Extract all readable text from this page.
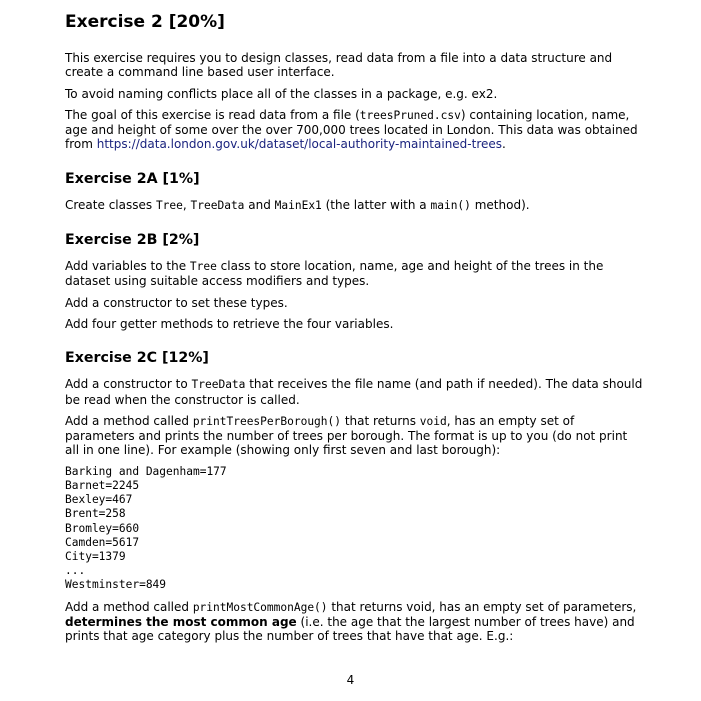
Exercise 2 [20%]

This exercise requires you to design classes, read data from a file into a data structure and create a command line based user interface.

To avoid naming conflicts place all of the classes in a package, e.g. ex2.

The goal of this exercise is read data from a file (treesPruned.csv) containing location, name, age and height of some over the over 700,000 trees located in London. This data was obtained from https://data.london.gov.uk/dataset/local-authority-maintained-trees.

Exercise 2A [1%]

Create classes Tree, TreeData and MainEx1 (the latter with a main() method).

Exercise 2B [2%]

Add variables to the Tree class to store location, name, age and height of the trees in the dataset using suitable access modifiers and types.

Add a constructor to set these types.

Add four getter methods to retrieve the four variables.

Exercise 2C [12%]

Add a constructor to TreeData that receives the file name (and path if needed). The data should be read when the constructor is called.

Add a method called printTreesPerBorough() that returns void, has an empty set of parameters and prints the number of trees per borough. The format is up to you (do not print all in one line). For example (showing only first seven and last borough):

Barking and Dagenham=177
Barnet=2245
Bexley=467
Brent=258
Bromley=660
Camden=5617
City=1379
...
Westminster=849

Add a method called printMostCommonAge() that returns void, has an empty set of parameters, determines the most common age (i.e. the age that the largest number of trees have) and prints that age category plus the number of trees that have that age. E.g.:

4
